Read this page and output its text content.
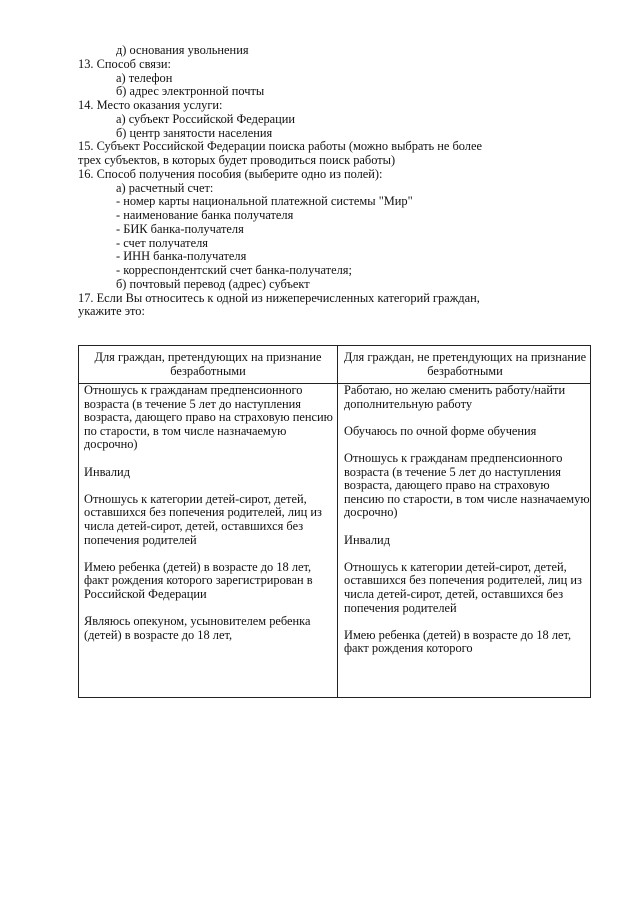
д) основания увольнения
13. Способ связи:
а) телефон
б) адрес электронной почты
14. Место оказания услуги:
а) субъект Российской Федерации
б) центр занятости населения
15. Субъект Российской Федерации поиска работы (можно выбрать не более
трех субъектов, в которых будет проводиться поиск работы)
16. Способ получения пособия (выберите одно из полей):
а) расчетный счет:
- номер карты национальной платежной системы "Мир"
- наименование банка получателя
- БИК банка-получателя
- счет получателя
- ИНН банка-получателя
- корреспондентский счет банка-получателя;
б) почтовый перевод (адрес) субъект
17. Если Вы относитесь к одной из нижеперечисленных категорий граждан,
укажите это:
Для граждан, претендующих на признание безработными
Для граждан, не претендующих на признание безработными

Отношусь к гражданам предпенсионного возраста (в течение 5 лет до наступления возраста, дающего право на страховую пенсию по старости, в том числе назначаемую досрочно)

Инвалид

Отношусь к категории детей-сирот, детей, оставшихся без попечения родителей, лиц из числа детей-сирот, детей, оставшихся без попечения родителей

Имею ребенка (детей) в возрасте до 18 лет, факт рождения которого зарегистрирован в Российской Федерации

Являюсь опекуном, усыновителем ребенка (детей) в возрасте до 18 лет,

Работаю, но желаю сменить работу/найти дополнительную работу

Обучаюсь по очной форме обучения

Отношусь к гражданам предпенсионного возраста (в течение 5 лет до наступления возраста, дающего право на страховую пенсию по старости, в том числе назначаемую досрочно)

Инвалид

Отношусь к категории детей-сирот, детей, оставшихся без попечения родителей, лиц из числа детей-сирот, детей, оставшихся без попечения родителей

Имею ребенка (детей) в возрасте до 18 лет, факт рождения которого
